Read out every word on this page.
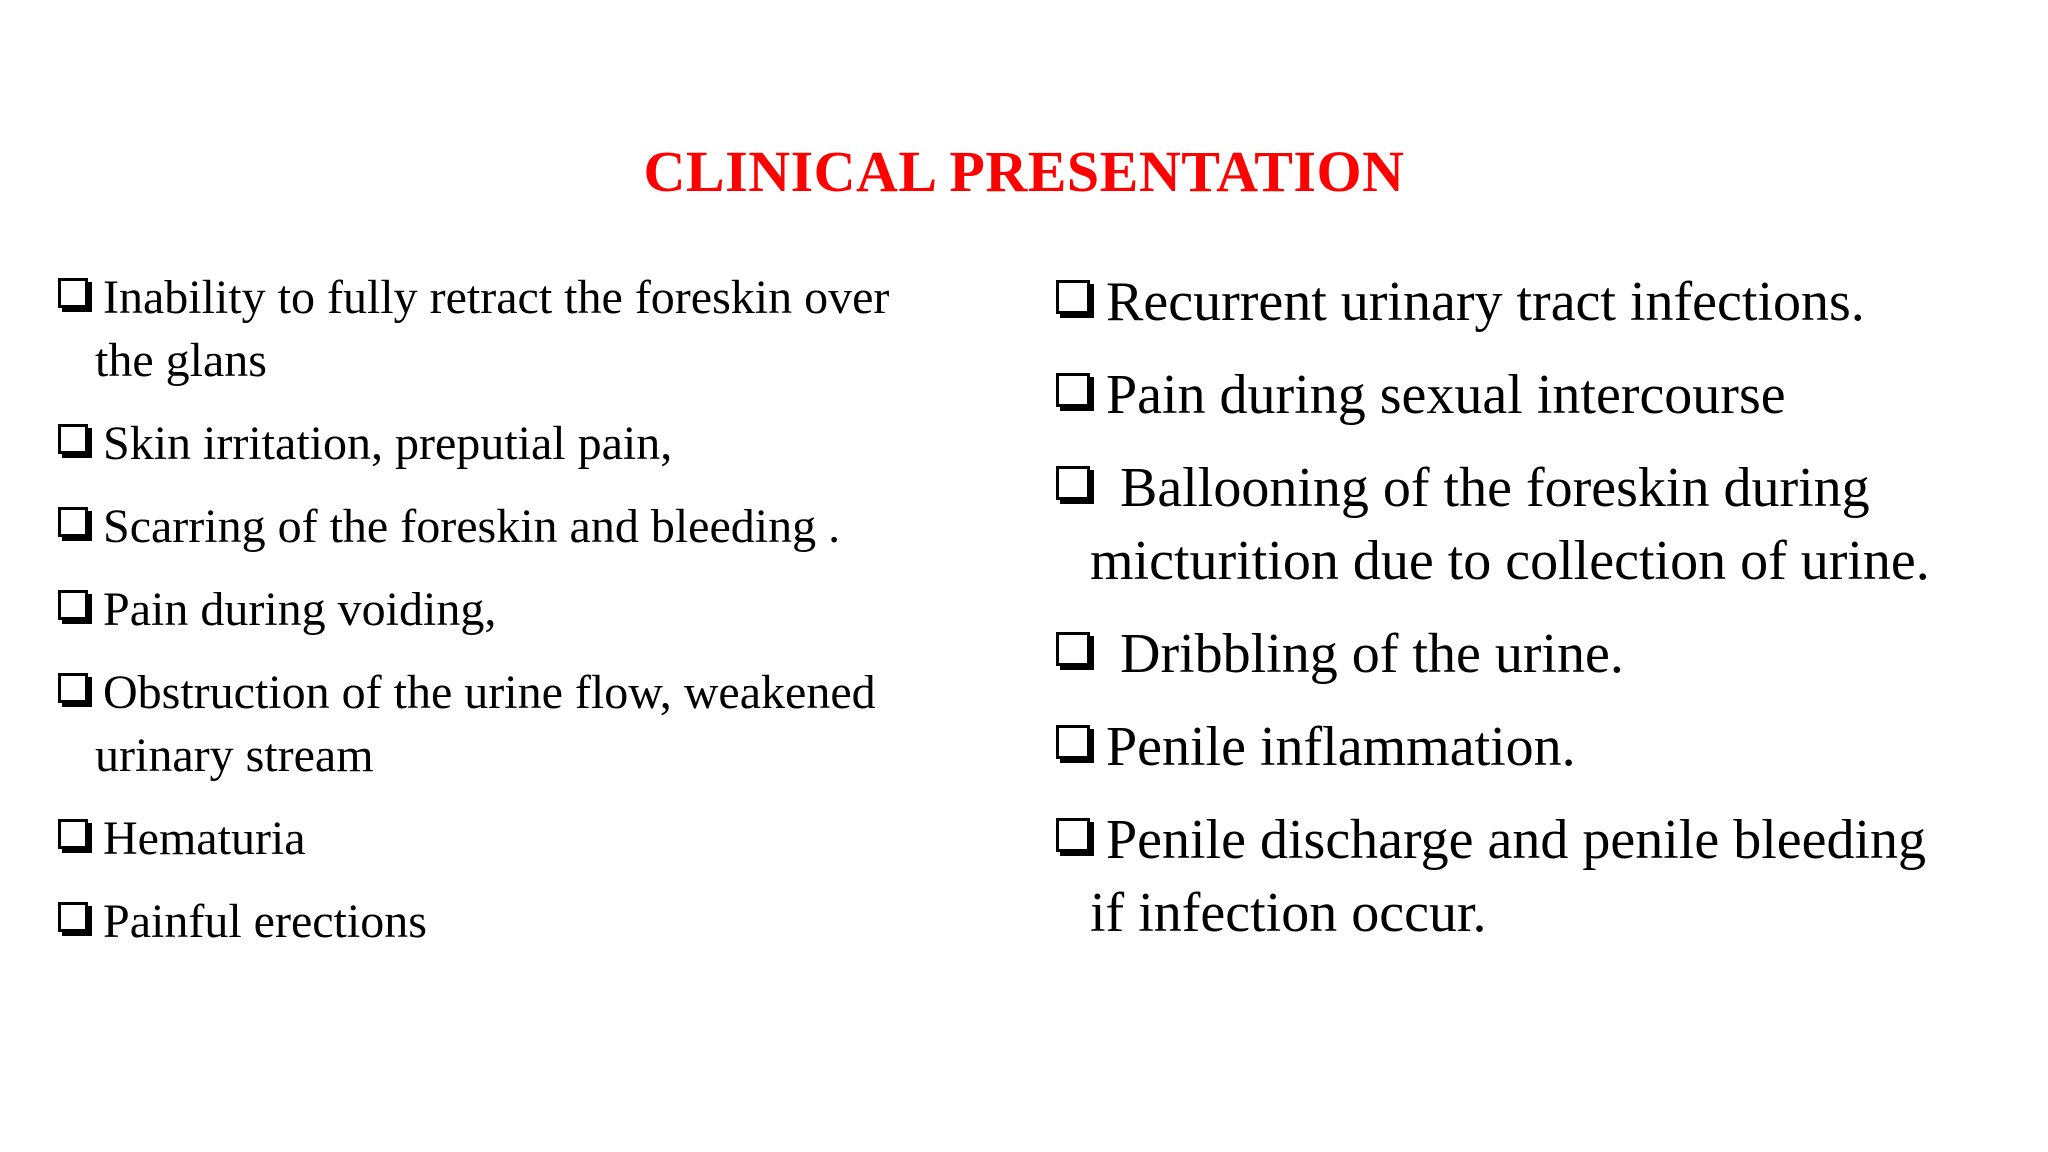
CLINICAL PRESENTATION
Inability to fully retract the foreskin over
the glans
Skin irritation, preputial pain,
Scarring of the foreskin and bleeding .
Pain during voiding,
Obstruction of the urine flow, weakened
urinary stream
Hematuria
Painful erections
Recurrent urinary tract infections.
Pain during sexual intercourse
Ballooning of the foreskin during
micturition due to collection of urine.
Dribbling of the urine.
Penile inflammation.
Penile discharge and penile bleeding
if infection occur.
